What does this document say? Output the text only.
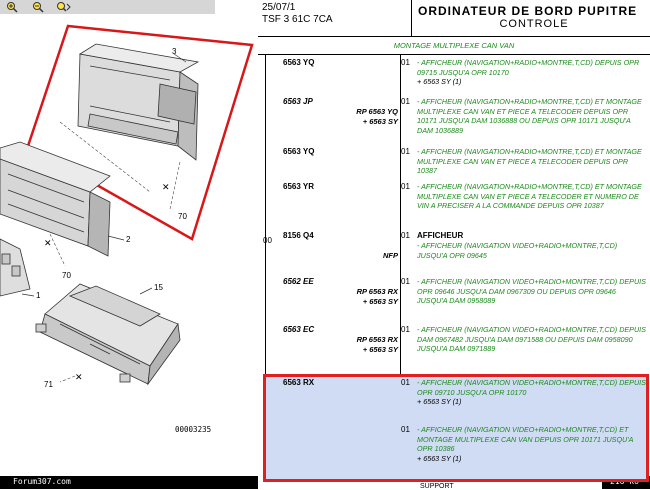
3
✕
70
2
✕
70
1
15
✕
71
00003235
Forum307.com
25/07/1
TSF 3 61C 7CA
ORDINATEUR DE BORD PUPITRE
CONTROLE
MONTAGE MULTIPLEXE CAN VAN
6563 YQ	01 - AFFICHEUR (NAVIGATION+RADIO+MONTRE,T,CD) DEPUIS OPR 09715 JUSQU'A OPR 10170
+ 6563 SY (1)
6563 JP	01
RP 6563 YQ
+ 6563 SY
- AFFICHEUR (NAVIGATION+RADIO+MONTRE,T,CD) ET MONTAGE MULTIPLEXE CAN VAN ET PIECE A TELECODER DEPUIS OPR 10171 JUSQU'A DAM 1036888 OU DEPUIS OPR 10171 JUSQU'A DAM 1036889
6563 YQ	01 - AFFICHEUR (NAVIGATION+RADIO+MONTRE,T,CD) ET MONTAGE MULTIPLEXE CAN VAN ET PIECE A TELECODER DEPUIS OPR 10387
6563 YR	01 - AFFICHEUR (NAVIGATION+RADIO+MONTRE,T,CD) ET MONTAGE MULTIPLEXE CAN VAN ET PIECE A TELECODER ET NUMERO DE VIN A PRECISER A LA COMMANDE DEPUIS OPR 10387
8156 Q4	01 AFFICHEUR
NFP
- AFFICHEUR (NAVIGATION VIDEO+RADIO+MONTRE,T,CD) JUSQU'A OPR 09645
6562 EE	01
RP 6563 RX
+ 6563 SY
- AFFICHEUR (NAVIGATION VIDEO+RADIO+MONTRE,T,CD) DEPUIS OPR 09646 JUSQU'A DAM 0967309 OU DEPUIS OPR 09646 JUSQU'A DAM 0958089
6563 EC	01
RP 6563 RX
+ 6563 SY
- AFFICHEUR (NAVIGATION VIDEO+RADIO+MONTRE,T,CD) DEPUIS DAM 0967482 JUSQU'A DAM 0971588 OU DEPUIS DAM 0958090 JUSQU'A DAM 0971889
6563 RX	01 - AFFICHEUR (NAVIGATION VIDEO+RADIO+MONTRE,T,CD) DEPUIS OPR 09710 JUSQU'A OPR 10170
+ 6563 SY (1)
01 - AFFICHEUR (NAVIGATION VIDEO+RADIO+MONTRE,T,CD) ET MONTAGE MULTIPLEXE CAN VAN DEPUIS OPR 10171 JUSQU'A OPR 10386
+ 6563 SY (1)
00
SUPPORT
